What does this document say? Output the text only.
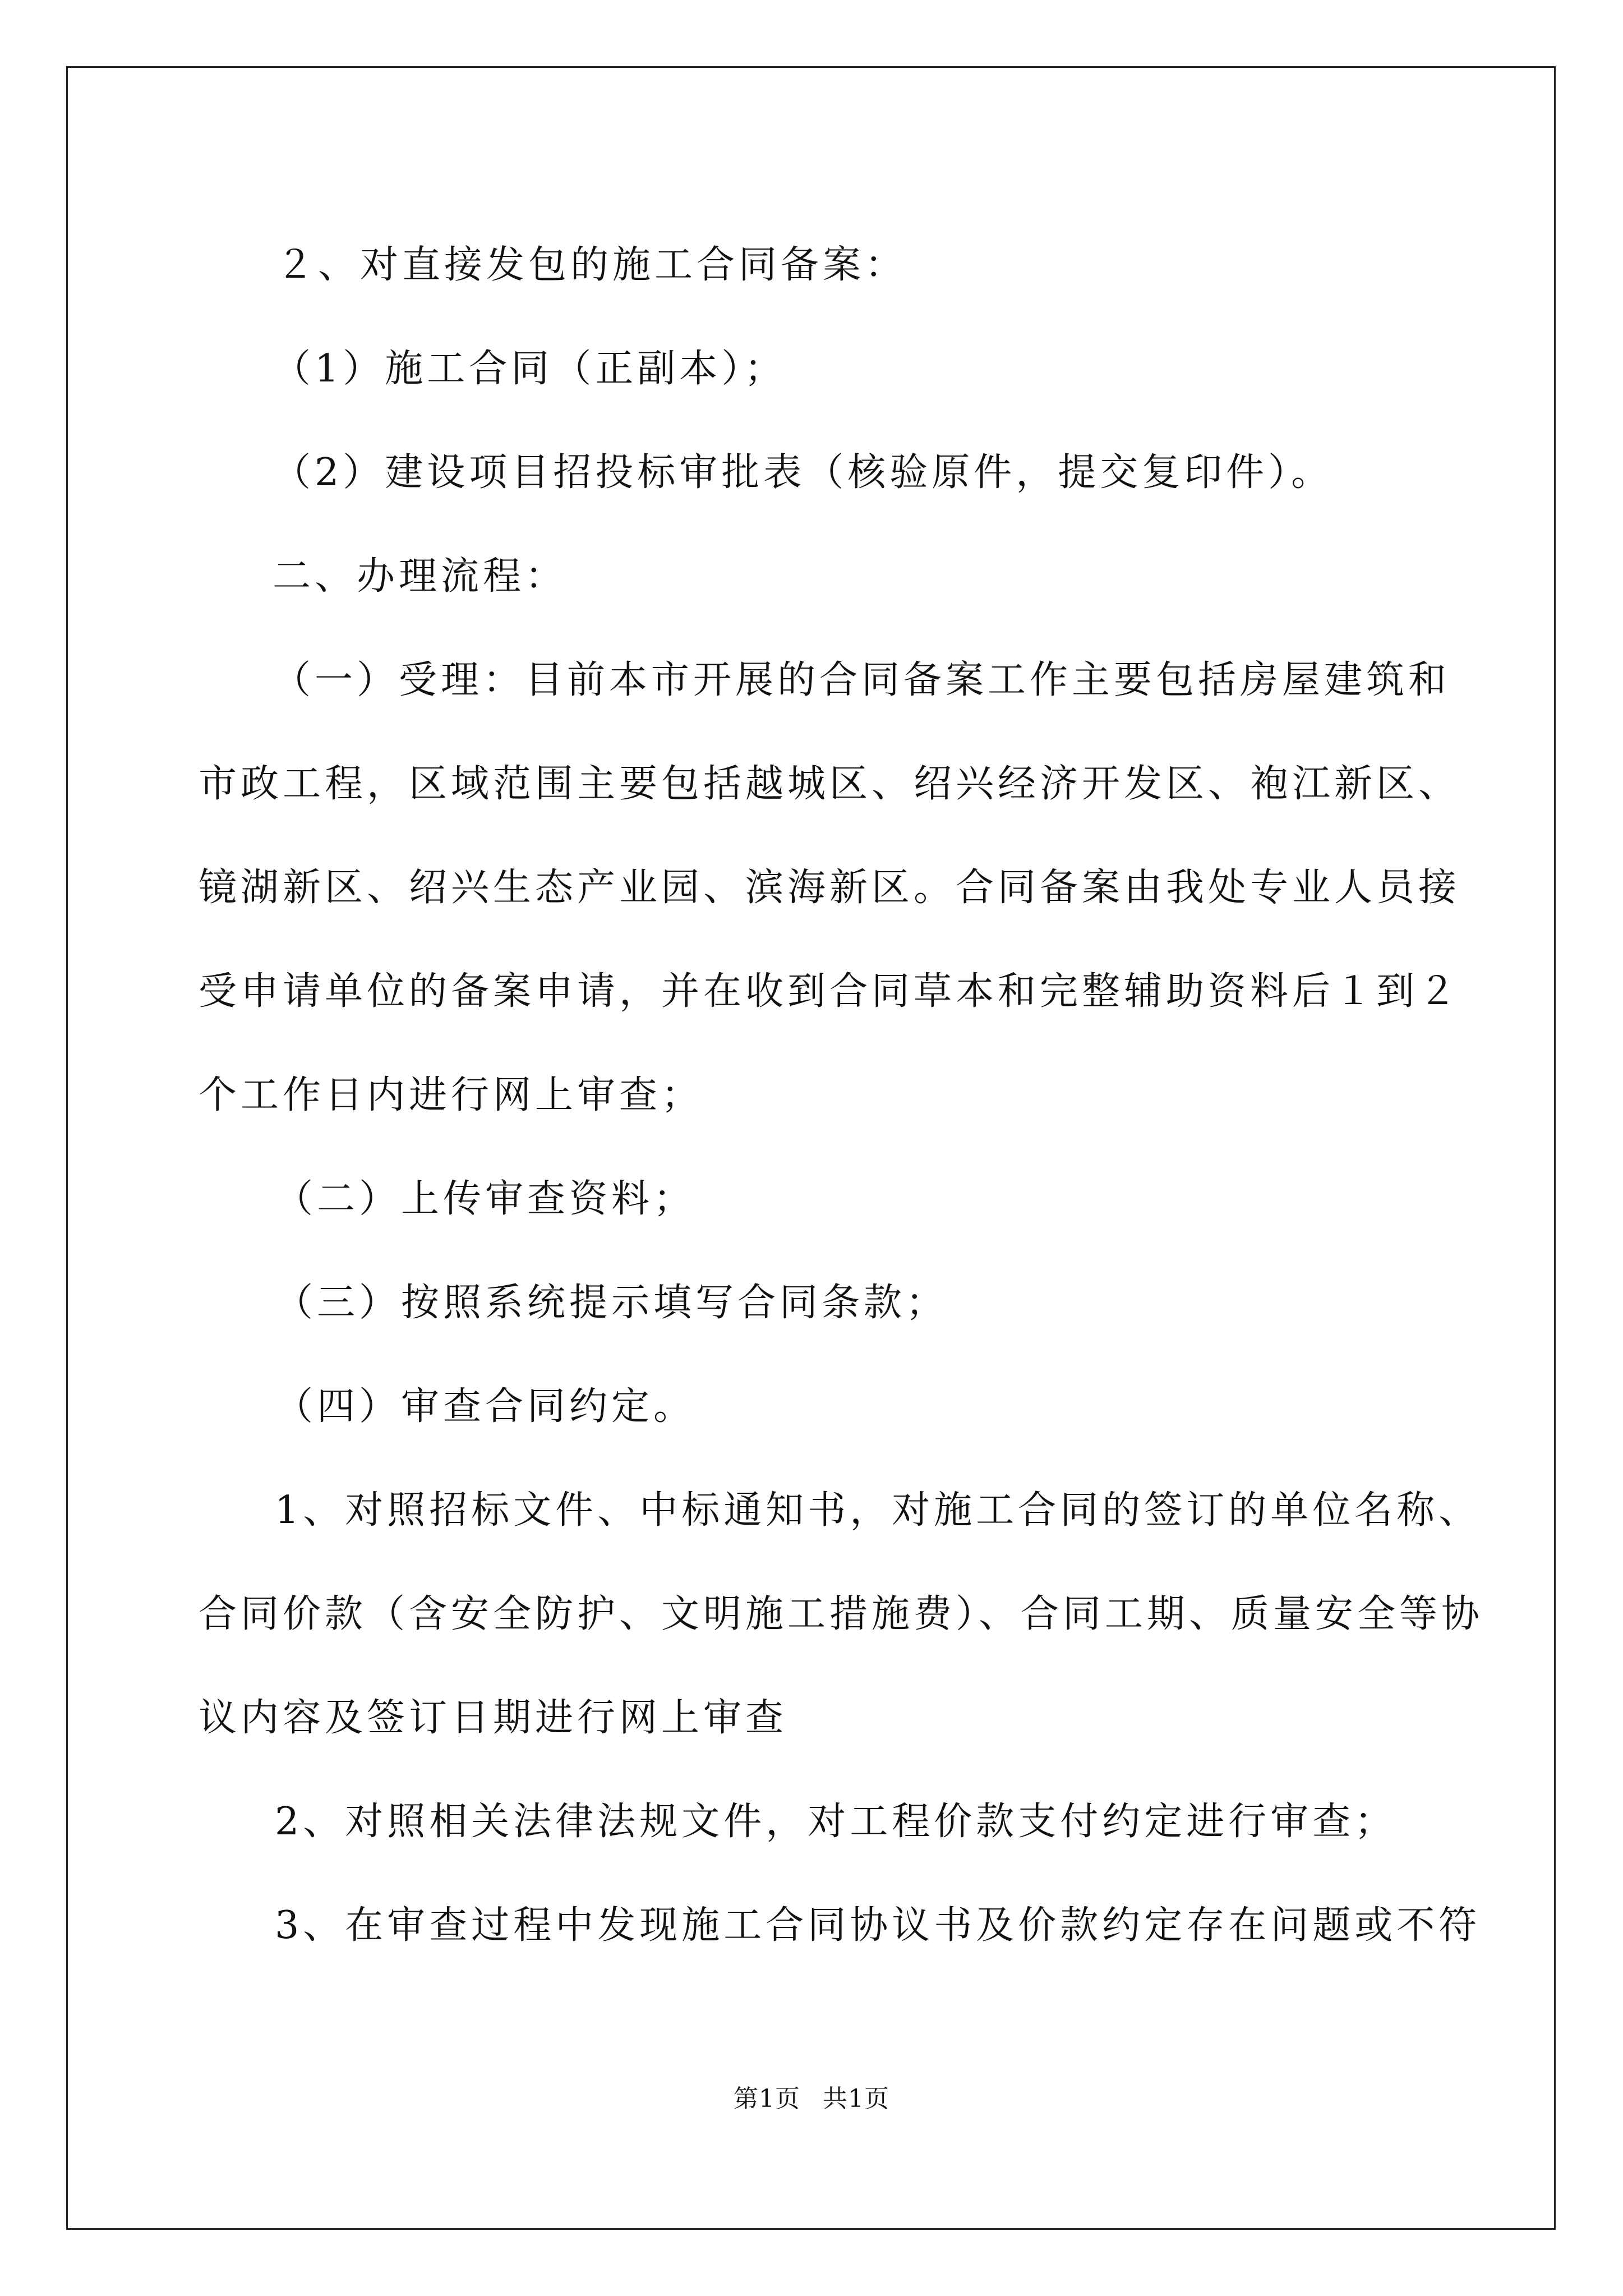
２、对直接发包的施工合同备案：
（1）施工合同（正副本）；
（2）建设项目招投标审批表（核验原件，提交复印件）。
二、办理流程：
（一）受理：目前本市开展的合同备案工作主要包括房屋建筑和
市政工程，区域范围主要包括越城区、绍兴经济开发区、袍江新区、
镜湖新区、绍兴生态产业园、滨海新区。合同备案由我处专业人员接
受申请单位的备案申请，并在收到合同草本和完整辅助资料后１到２
个工作日内进行网上审查；
（二）上传审查资料；
（三）按照系统提示填写合同条款；
（四）审查合同约定。
1、对照招标文件、中标通知书，对施工合同的签订的单位名称、
合同价款（含安全防护、文明施工措施费）、合同工期、质量安全等协
议内容及签订日期进行网上审查
2、对照相关法律法规文件，对工程价款支付约定进行审查；
3、在审查过程中发现施工合同协议书及价款约定存在问题或不符
第1页 共1页
